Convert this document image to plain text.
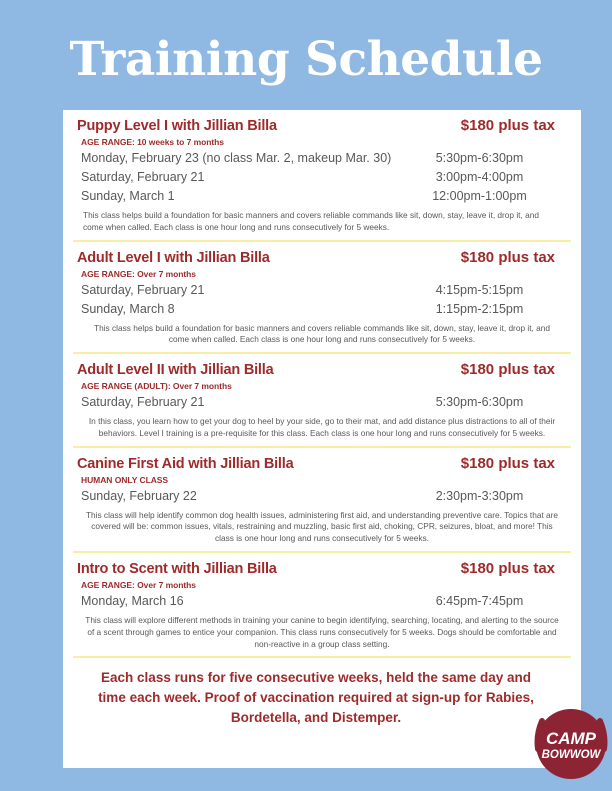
Training Schedule
Puppy Level I with Jillian Billa	$180 plus tax
AGE RANGE: 10 weeks to 7 months
Monday, February 23 (no class Mar. 2, makeup Mar. 30)	5:30pm-6:30pm
Saturday, February 21	3:00pm-4:00pm
Sunday, March 1	12:00pm-1:00pm
This class helps build a foundation for basic manners and covers reliable commands like sit, down, stay, leave it, drop it, and come when called. Each class is one hour long and runs consecutively for 5 weeks.
Adult Level I with Jillian Billa	$180 plus tax
AGE RANGE: Over 7 months
Saturday, February 21	4:15pm-5:15pm
Sunday, March 8	1:15pm-2:15pm
This class helps build a foundation for basic manners and covers reliable commands like sit, down, stay, leave it, drop it, and come when called. Each class is one hour long and runs consecutively for 5 weeks.
Adult Level II with Jillian Billa	$180 plus tax
AGE RANGE (ADULT): Over 7 months
Saturday, February 21	5:30pm-6:30pm
In this class, you learn how to get your dog to heel by your side, go to their mat, and add distance plus distractions to all of their behaviors. Level I training is a pre-requisite for this class. Each class is one hour long and runs consecutively for 5 weeks.
Canine First Aid with Jillian Billa	$180 plus tax
HUMAN ONLY CLASS
Sunday, February 22	2:30pm-3:30pm
This class will help identify common dog health issues, administering first aid, and understanding preventive care. Topics that are covered will be: common issues, vitals, restraining and muzzling, basic first aid, choking, CPR, seizures, bloat, and more! This class is one hour long and runs consecutively for 5 weeks.
Intro to Scent with Jillian Billa	$180 plus tax
AGE RANGE: Over 7 months
Monday, March 16	6:45pm-7:45pm
This class will explore different methods in training your canine to begin identifying, searching, locating, and alerting to the source of a scent through games to entice your companion. This class runs consecutively for 5 weeks. Dogs should be comfortable and non-reactive in a group class setting.
Each class runs for five consecutive weeks, held the same day and time each week. Proof of vaccination required at sign-up for Rabies, Bordetella, and Distemper.
CAMP
BOWWOW
